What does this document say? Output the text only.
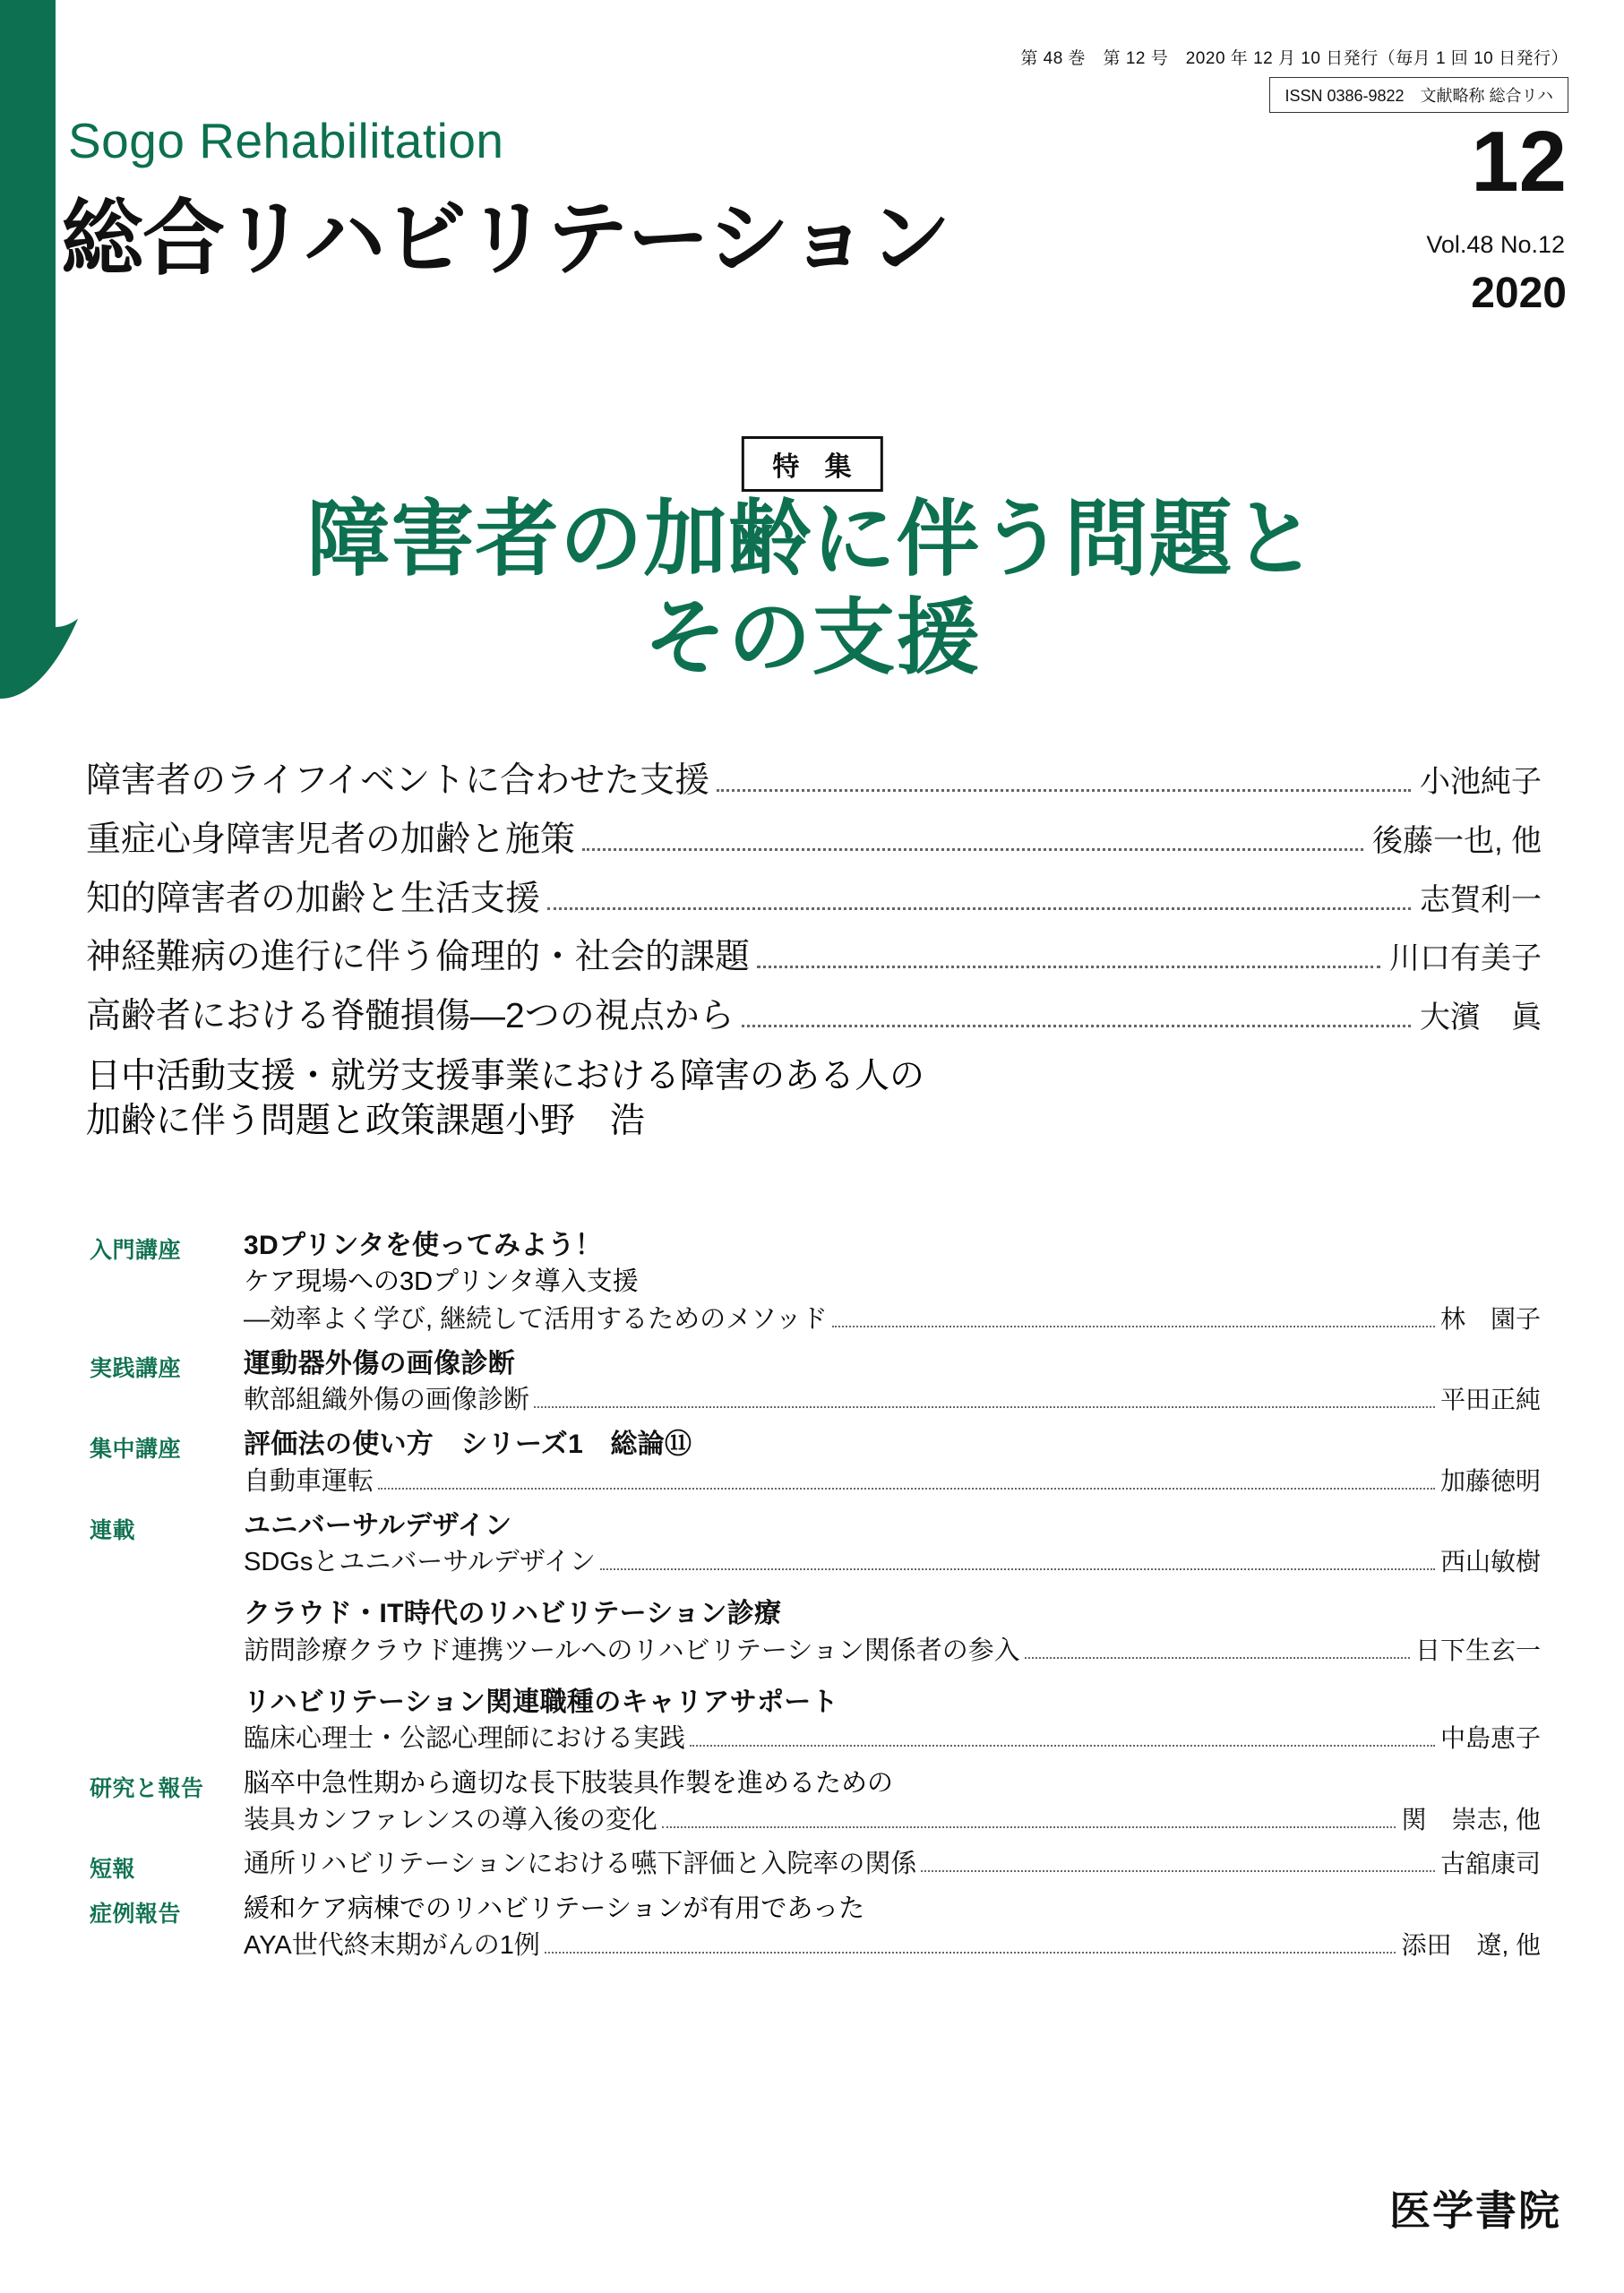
第 48 巻　第 12 号　2020 年 12 月 10 日発行（毎月 1 回 10 日発行）
ISSN 0386-9822　文献略称 総合リハ
Sogo Rehabilitation
総合リハビリテーション
12
Vol.48 No.12
2020
特 集
障害者の加齢に伴う問題と
その支援
障害者のライフイベントに合わせた支援	小池純子
重症心身障害児者の加齢と施策	後藤一也, 他
知的障害者の加齢と生活支援	志賀利一
神経難病の進行に伴う倫理的・社会的課題	川口有美子
高齢者における脊髄損傷―2つの視点から	大濱　眞
日中活動支援・就労支援事業における障害のある人の
加齢に伴う問題と政策課題 小野　浩
入門講座	3Dプリンタを使ってみよう！
ケア現場への3Dプリンタ導入支援
―効率よく学び, 継続して活用するためのメソッド	林　園子
実践講座	運動器外傷の画像診断
軟部組織外傷の画像診断	平田正純
集中講座	評価法の使い方　シリーズ1　総論⑪
自動車運転	加藤徳明
連載	ユニバーサルデザイン
SDGsとユニバーサルデザイン	西山敏樹
クラウド・IT時代のリハビリテーション診療
訪問診療クラウド連携ツールへのリハビリテーション関係者の参入	日下生玄一
リハビリテーション関連職種のキャリアサポート
臨床心理士・公認心理師における実践	中島恵子
研究と報告	脳卒中急性期から適切な長下肢装具作製を進めるための
装具カンファレンスの導入後の変化	関　崇志, 他
短報	通所リハビリテーションにおける嚥下評価と入院率の関係	古舘康司
症例報告	緩和ケア病棟でのリハビリテーションが有用であった
AYA世代終末期がんの1例	添田　遼, 他
医学書院
